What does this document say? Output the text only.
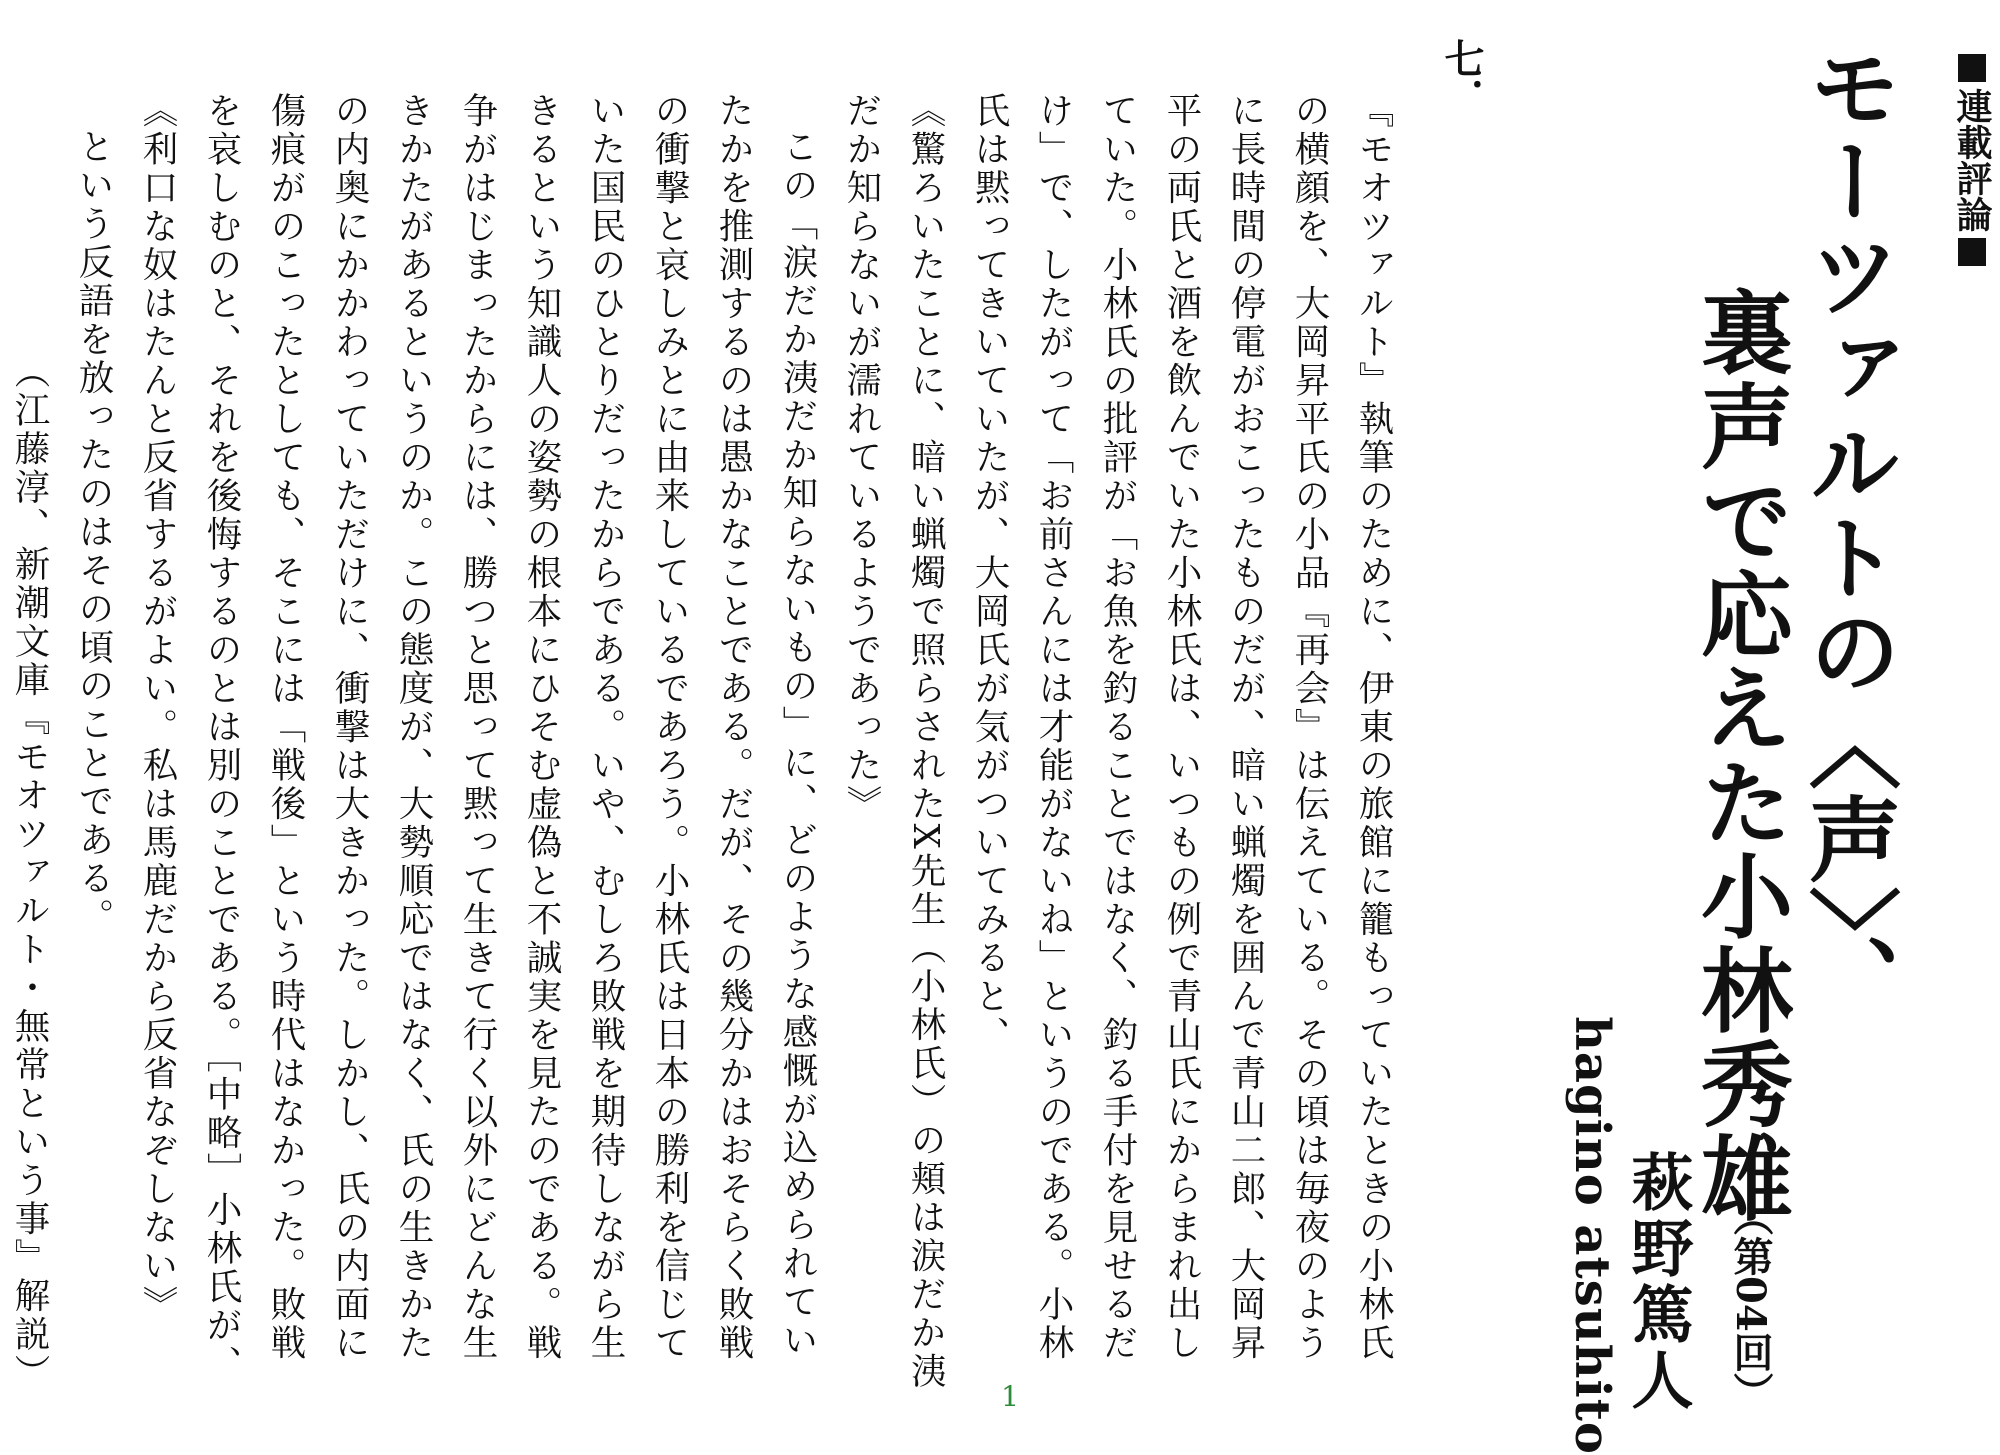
連載評論
モーツァルトの〈声〉、
裏声で応えた小林秀雄
（第04回）
萩野篤人
hagino atsuhito
七．
『モオツァルト』執筆のために、伊東の旅館に籠もっていたときの小林氏の横顔を、大岡昇平氏の小品『再会』は伝えている。その頃は毎夜のように長時間の停電がおこったものだが、暗い蝋燭を囲んで青山二郎、大岡昇平の両氏と酒を飲んでいた小林氏は、いつもの例で青山氏にからまれ出していた。小林氏の批評が「お魚を釣ることではなく、釣る手付を見せるだけ」で、したがって「お前さんには才能がないね」というのである。小林氏は黙ってきいていたが、大岡氏が気がついてみると、
《驚ろいたことに、暗い蝋燭で照らされたX先生（小林氏）の頬は涙だか洟だか知らないが濡れているようであった》
この「涙だか洟だか知らないもの」に、どのような感慨が込められていたかを推測するのは愚かなことである。だが、その幾分かはおそらく敗戦の衝撃と哀しみとに由来しているであろう。小林氏は日本の勝利を信じていた国民のひとりだったからである。いや、むしろ敗戦を期待しながら生きるという知識人の姿勢の根本にひそむ虚偽と不誠実を見たのである。戦争がはじまったからには、勝つと思って黙って生きて行く以外にどんな生きかたがあるというのか。この態度が、大勢順応ではなく、氏の生きかたの内奥にかかわっていただけに、衝撃は大きかった。しかし、氏の内面に傷痕がのこったとしても、そこには「戦後」という時代はなかった。敗戦を哀しむのと、それを後悔するのとは別のことである。［中略］小林氏が、
《利口な奴はたんと反省するがよい。私は馬鹿だから反省なぞしない》
という反語を放ったのはその頃のことである。
（江藤淳、新潮文庫『モオツァルト・無常という事』解説）
1
